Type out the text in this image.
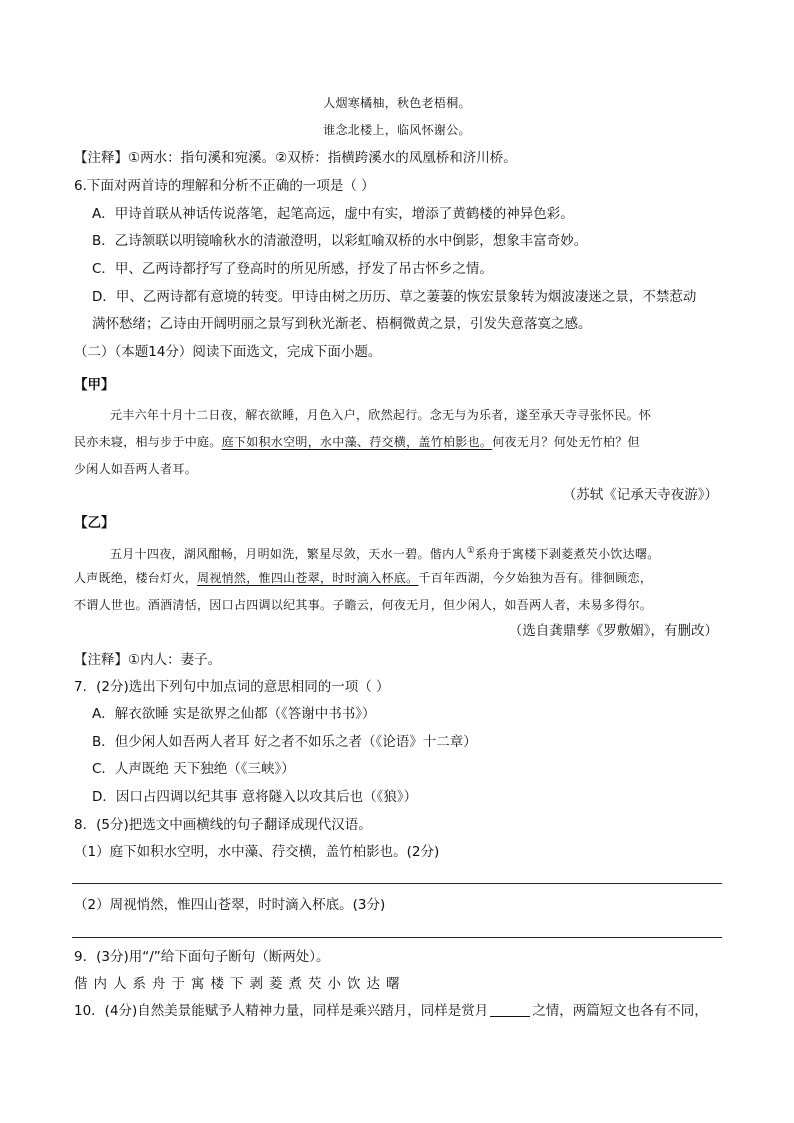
人烟寒橘柚，秋色老梧桐。
谁念北楼上，临风怀谢公。
【注释】①两水：指句溪和宛溪。②双桥：指横跨溪水的凤凰桥和济川桥。
6.下面对两首诗的理解和分析不正确的一项是（ ）
A．甲诗首联从神话传说落笔，起笔高远，虚中有实，增添了黄鹤楼的神异色彩。
B．乙诗颔联以明镜喻秋水的清澈澄明，以彩虹喻双桥的水中倒影，想象丰富奇妙。
C．甲、乙两诗都抒写了登高时的所见所感，抒发了吊古怀乡之情。
D．甲、乙两诗都有意境的转变。甲诗由树之历历、草之萋萋的恢宏景象转为烟波凄迷之景，不禁惹动
满怀愁绪；乙诗由开阔明丽之景写到秋光渐老、梧桐微黄之景，引发失意落寞之感。
（二）（本题14分）阅读下面选文，完成下面小题。
【甲】
元丰六年十月十二日夜，解衣欲睡，月色入户，欣然起行。念无与为乐者，遂至承天寺寻张怀民。怀
民亦未寝，相与步于中庭。庭下如积水空明，水中藻、荇交横，盖竹柏影也。何夜无月？何处无竹柏？但
少闲人如吾两人者耳。
（苏轼《记承天寺夜游》）
【乙】
五月十四夜，湖风酣畅，月明如洗，繁星尽敛，天水一碧。偕内人①系舟于寓楼下剥菱煮芡小饮达曙。
人声既绝，楼台灯火，周视悄然，惟四山苍翠，时时滴入杯底。千百年西湖，今夕始独为吾有。徘徊顾恋，
不谓人世也。酒酒清恬，因口占四调以纪其事。子瞻云，何夜无月，但少闲人，如吾两人者，未易多得尔。
（选自龚鼎孳《罗敷媚》，有删改）
【注释】①内人：妻子。
7．(2分)选出下列句中加点词的意思相同的一项（ ）
A．解衣欲睡 实是欲界之仙都（《答谢中书书》）
B．但少闲人如吾两人者耳 好之者不如乐之者（《论语》十二章）
C．人声既绝 天下独绝（《三峡》）
D．因口占四调以纪其事 意将隧入以攻其后也（《狼》）
8．(5分)把选文中画横线的句子翻译成现代汉语。
（1）庭下如积水空明，水中藻、荇交横，盖竹柏影也。(2分)
（2）周视悄然，惟四山苍翠，时时滴入杯底。(3分)
9．(3分)用“/”给下面句子断句（断两处）。
偕内人系舟于寓楼下剥菱煮芡小饮达曙
10．(4分)自然美景能赋予人精神力量，同样是乘兴踏月，同样是赏月	之情，两篇短文也各有不同，
